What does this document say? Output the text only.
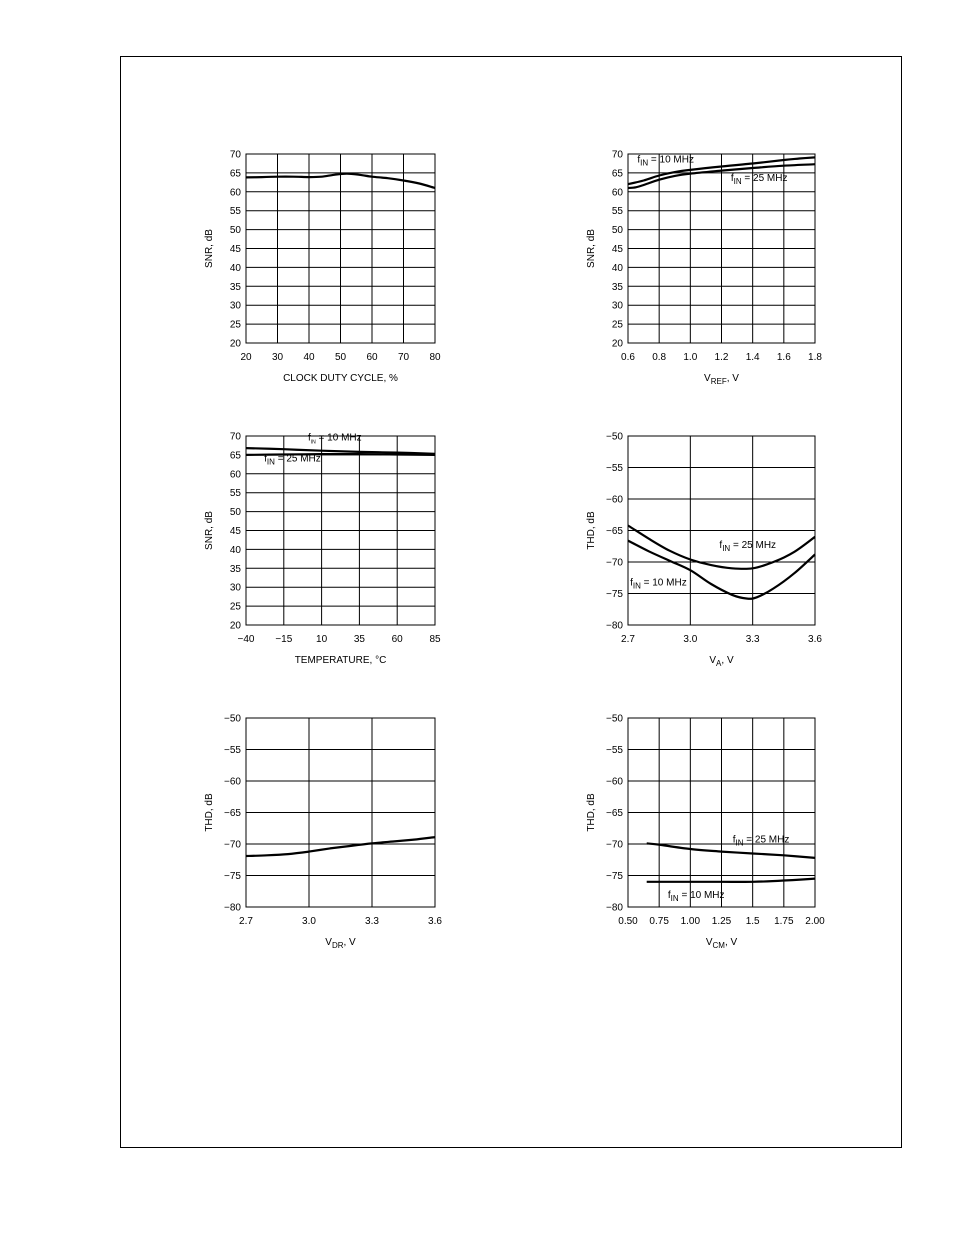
20 30 40 50 60 70 80
20
25
30
35
40
45
50
55
60
65
70
SNR, dB
CLOCK DUTY CYCLE, %
0.6 0.8 1.0 1.2 1.4 1.6 1.8
20
25
30
35
40
45
50
55
60
65
70
SNR, dB
$V_{REF}$, V
$f_{IN} = 10$ MHz
$f_{IN} = 25$ MHz
−40 −15 10	35	60	85
20
25
30
35
40
45
50
55
60
65
70
SNR, dB
TEMPERATURE, °C
$f_{IN} = 10$ MHz
$f_{IN} = 25$ MHz
2.7	3.0	3.3	3.6
−80
−75
−70
−65
−60
−55
−50
THD, dB
$V_A$, V
$f_{IN} = 25$ MHz
$f_{IN} = 10$ MHz
2.7	3.0	3.3	3.6
−80
−75
−70
−65
−60
−55
−50
THD, dB
$V_{DR}$, V
0.50 0.75 1.00 1.25 1.5 1.75 2.00
−80
−75
−70
−65
−60
−55
−50
THD, dB
$V_{CM}$, V
$f_{IN} = 25$ MHz
$f_{IN} = 10$ MHz
